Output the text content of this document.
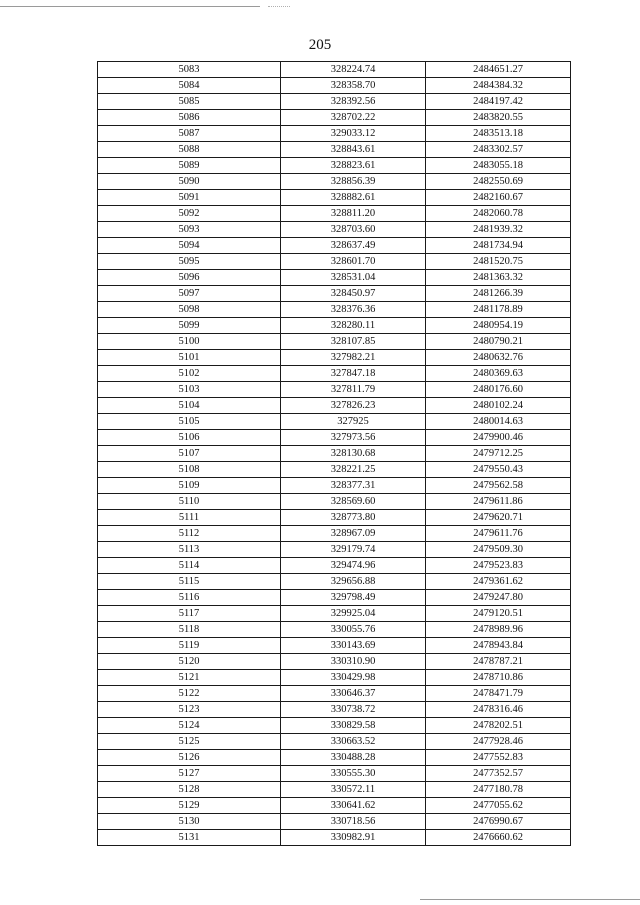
205
5083	328224.74	2484651.27
5084	328358.70	2484384.32
5085	328392.56	2484197.42
5086	328702.22	2483820.55
5087	329033.12	2483513.18
5088	328843.61	2483302.57
5089	328823.61	2483055.18
5090	328856.39	2482550.69
5091	328882.61	2482160.67
5092	328811.20	2482060.78
5093	328703.60	2481939.32
5094	328637.49	2481734.94
5095	328601.70	2481520.75
5096	328531.04	2481363.32
5097	328450.97	2481266.39
5098	328376.36	2481178.89
5099	328280.11	2480954.19
5100	328107.85	2480790.21
5101	327982.21	2480632.76
5102	327847.18	2480369.63
5103	327811.79	2480176.60
5104	327826.23	2480102.24
5105	327925	2480014.63
5106	327973.56	2479900.46
5107	328130.68	2479712.25
5108	328221.25	2479550.43
5109	328377.31	2479562.58
5110	328569.60	2479611.86
5111	328773.80	2479620.71
5112	328967.09	2479611.76
5113	329179.74	2479509.30
5114	329474.96	2479523.83
5115	329656.88	2479361.62
5116	329798.49	2479247.80
5117	329925.04	2479120.51
5118	330055.76	2478989.96
5119	330143.69	2478943.84
5120	330310.90	2478787.21
5121	330429.98	2478710.86
5122	330646.37	2478471.79
5123	330738.72	2478316.46
5124	330829.58	2478202.51
5125	330663.52	2477928.46
5126	330488.28	2477552.83
5127	330555.30	2477352.57
5128	330572.11	2477180.78
5129	330641.62	2477055.62
5130	330718.56	2476990.67
5131	330982.91	2476660.62
